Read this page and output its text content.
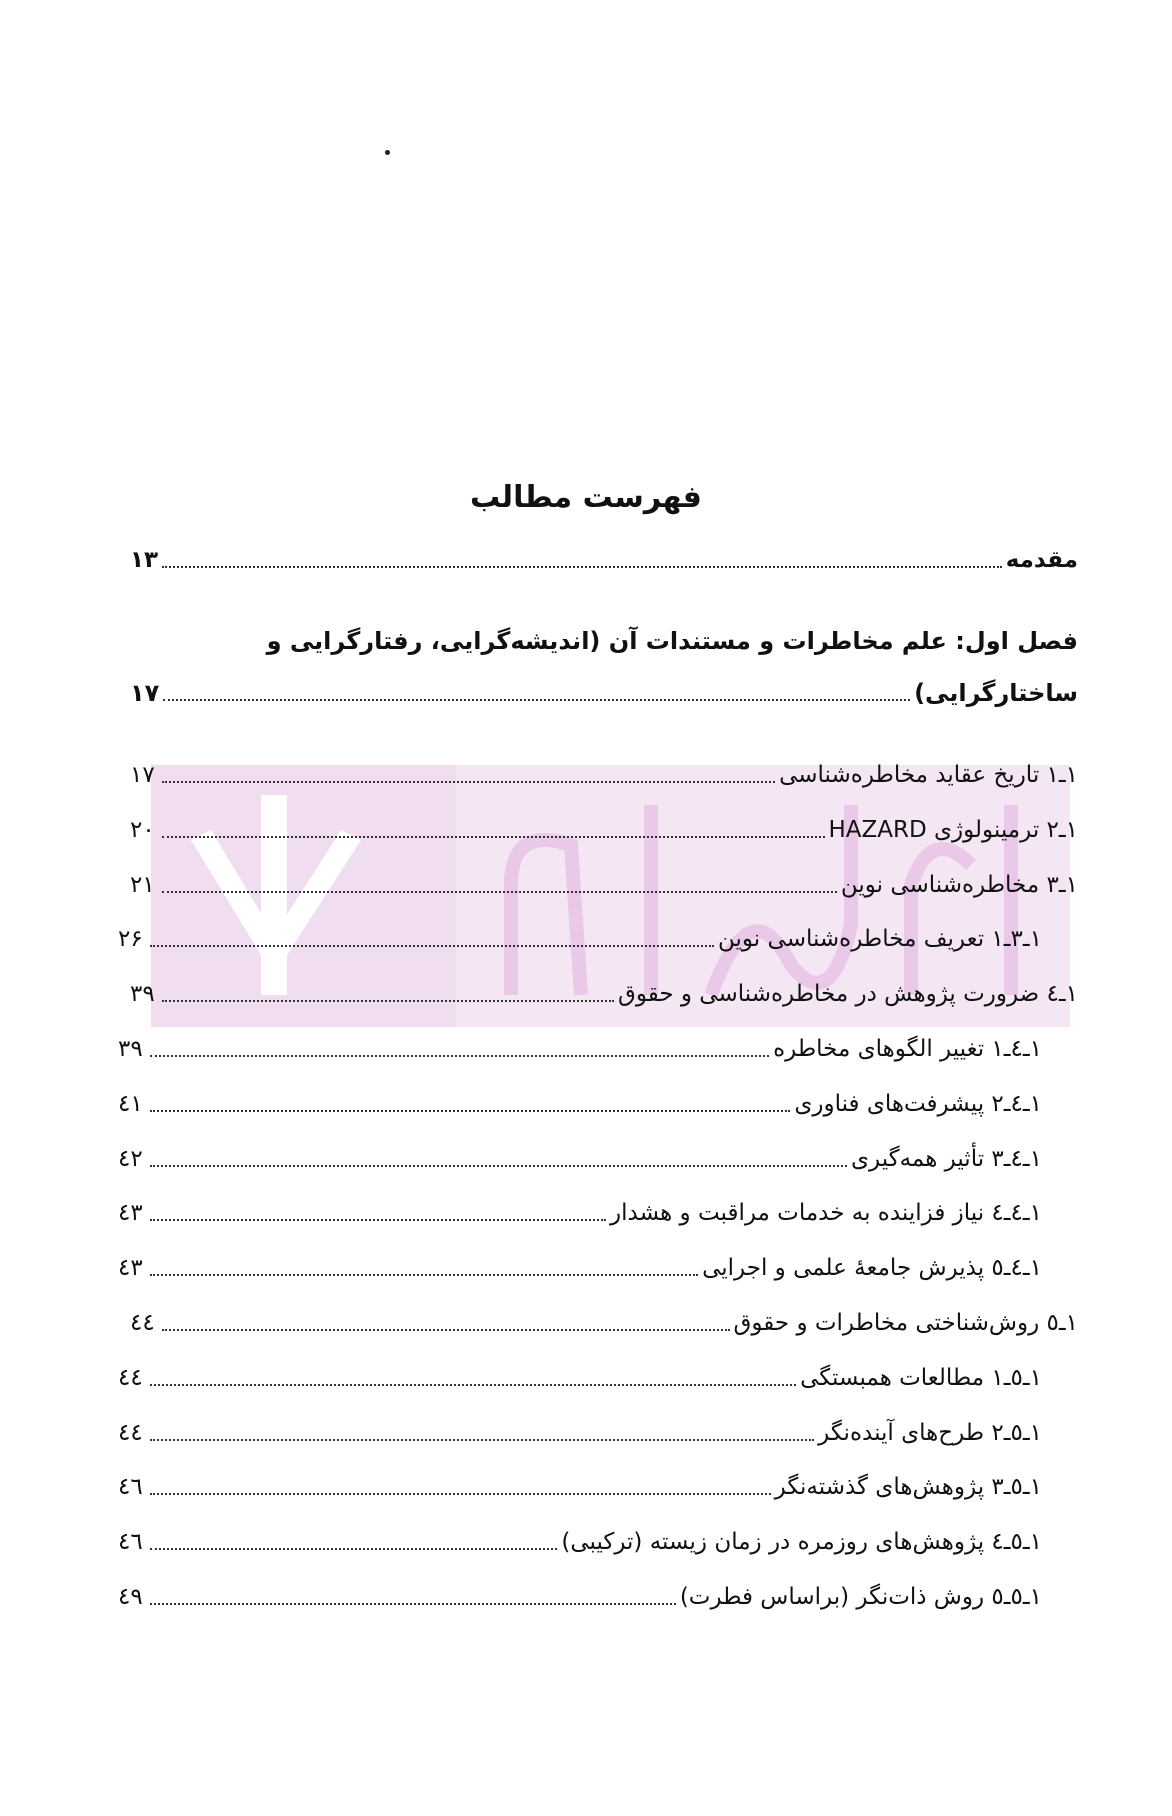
فهرست مطالب
مقدمه
۱۳
فصل اول: علم مخاطرات و مستندات آن (اندیشه‌گرایی، رفتارگرایی و
ساختارگرایی)
۱۷
۱ـ۱ تاریخ عقاید مخاطره‌شناسی
۱۷
۱ـ۲ ترمینولوژی HAZARD
۲۰
۱ـ۳ مخاطره‌شناسی نوین
۲۱
۱ـ۳ـ۱ تعریف مخاطره‌شناسی نوین
۲۶
۱ـ٤ ضرورت پژوهش در مخاطره‌شناسی و حقوق
۳۹
۱ـ٤ـ۱ تغییر الگوهای مخاطره
۳۹
۱ـ٤ـ۲ پیشرفت‌های فناوری
٤۱
۱ـ٤ـ۳ تأثیر همه‌گیری
٤۲
۱ـ٤ـ٤ نیاز فزاینده به خدمات مراقبت و هشدار
٤۳
۱ـ٤ـ٥ پذیرش جامعهٔ علمی و اجرایی
٤۳
۱ـ٥ روش‌شناختی مخاطرات و حقوق
٤٤
۱ـ٥ـ۱ مطالعات همبستگی
٤٤
۱ـ٥ـ۲ طرح‌های آینده‌نگر
٤٤
۱ـ٥ـ۳ پژوهش‌های گذشته‌نگر
٤٦
۱ـ٥ـ٤ پژوهش‌های روزمره در زمان زیسته (ترکیبی)
٤٦
۱ـ٥ـ٥ روش ذات‌نگر (براساس فطرت)
٤۹
